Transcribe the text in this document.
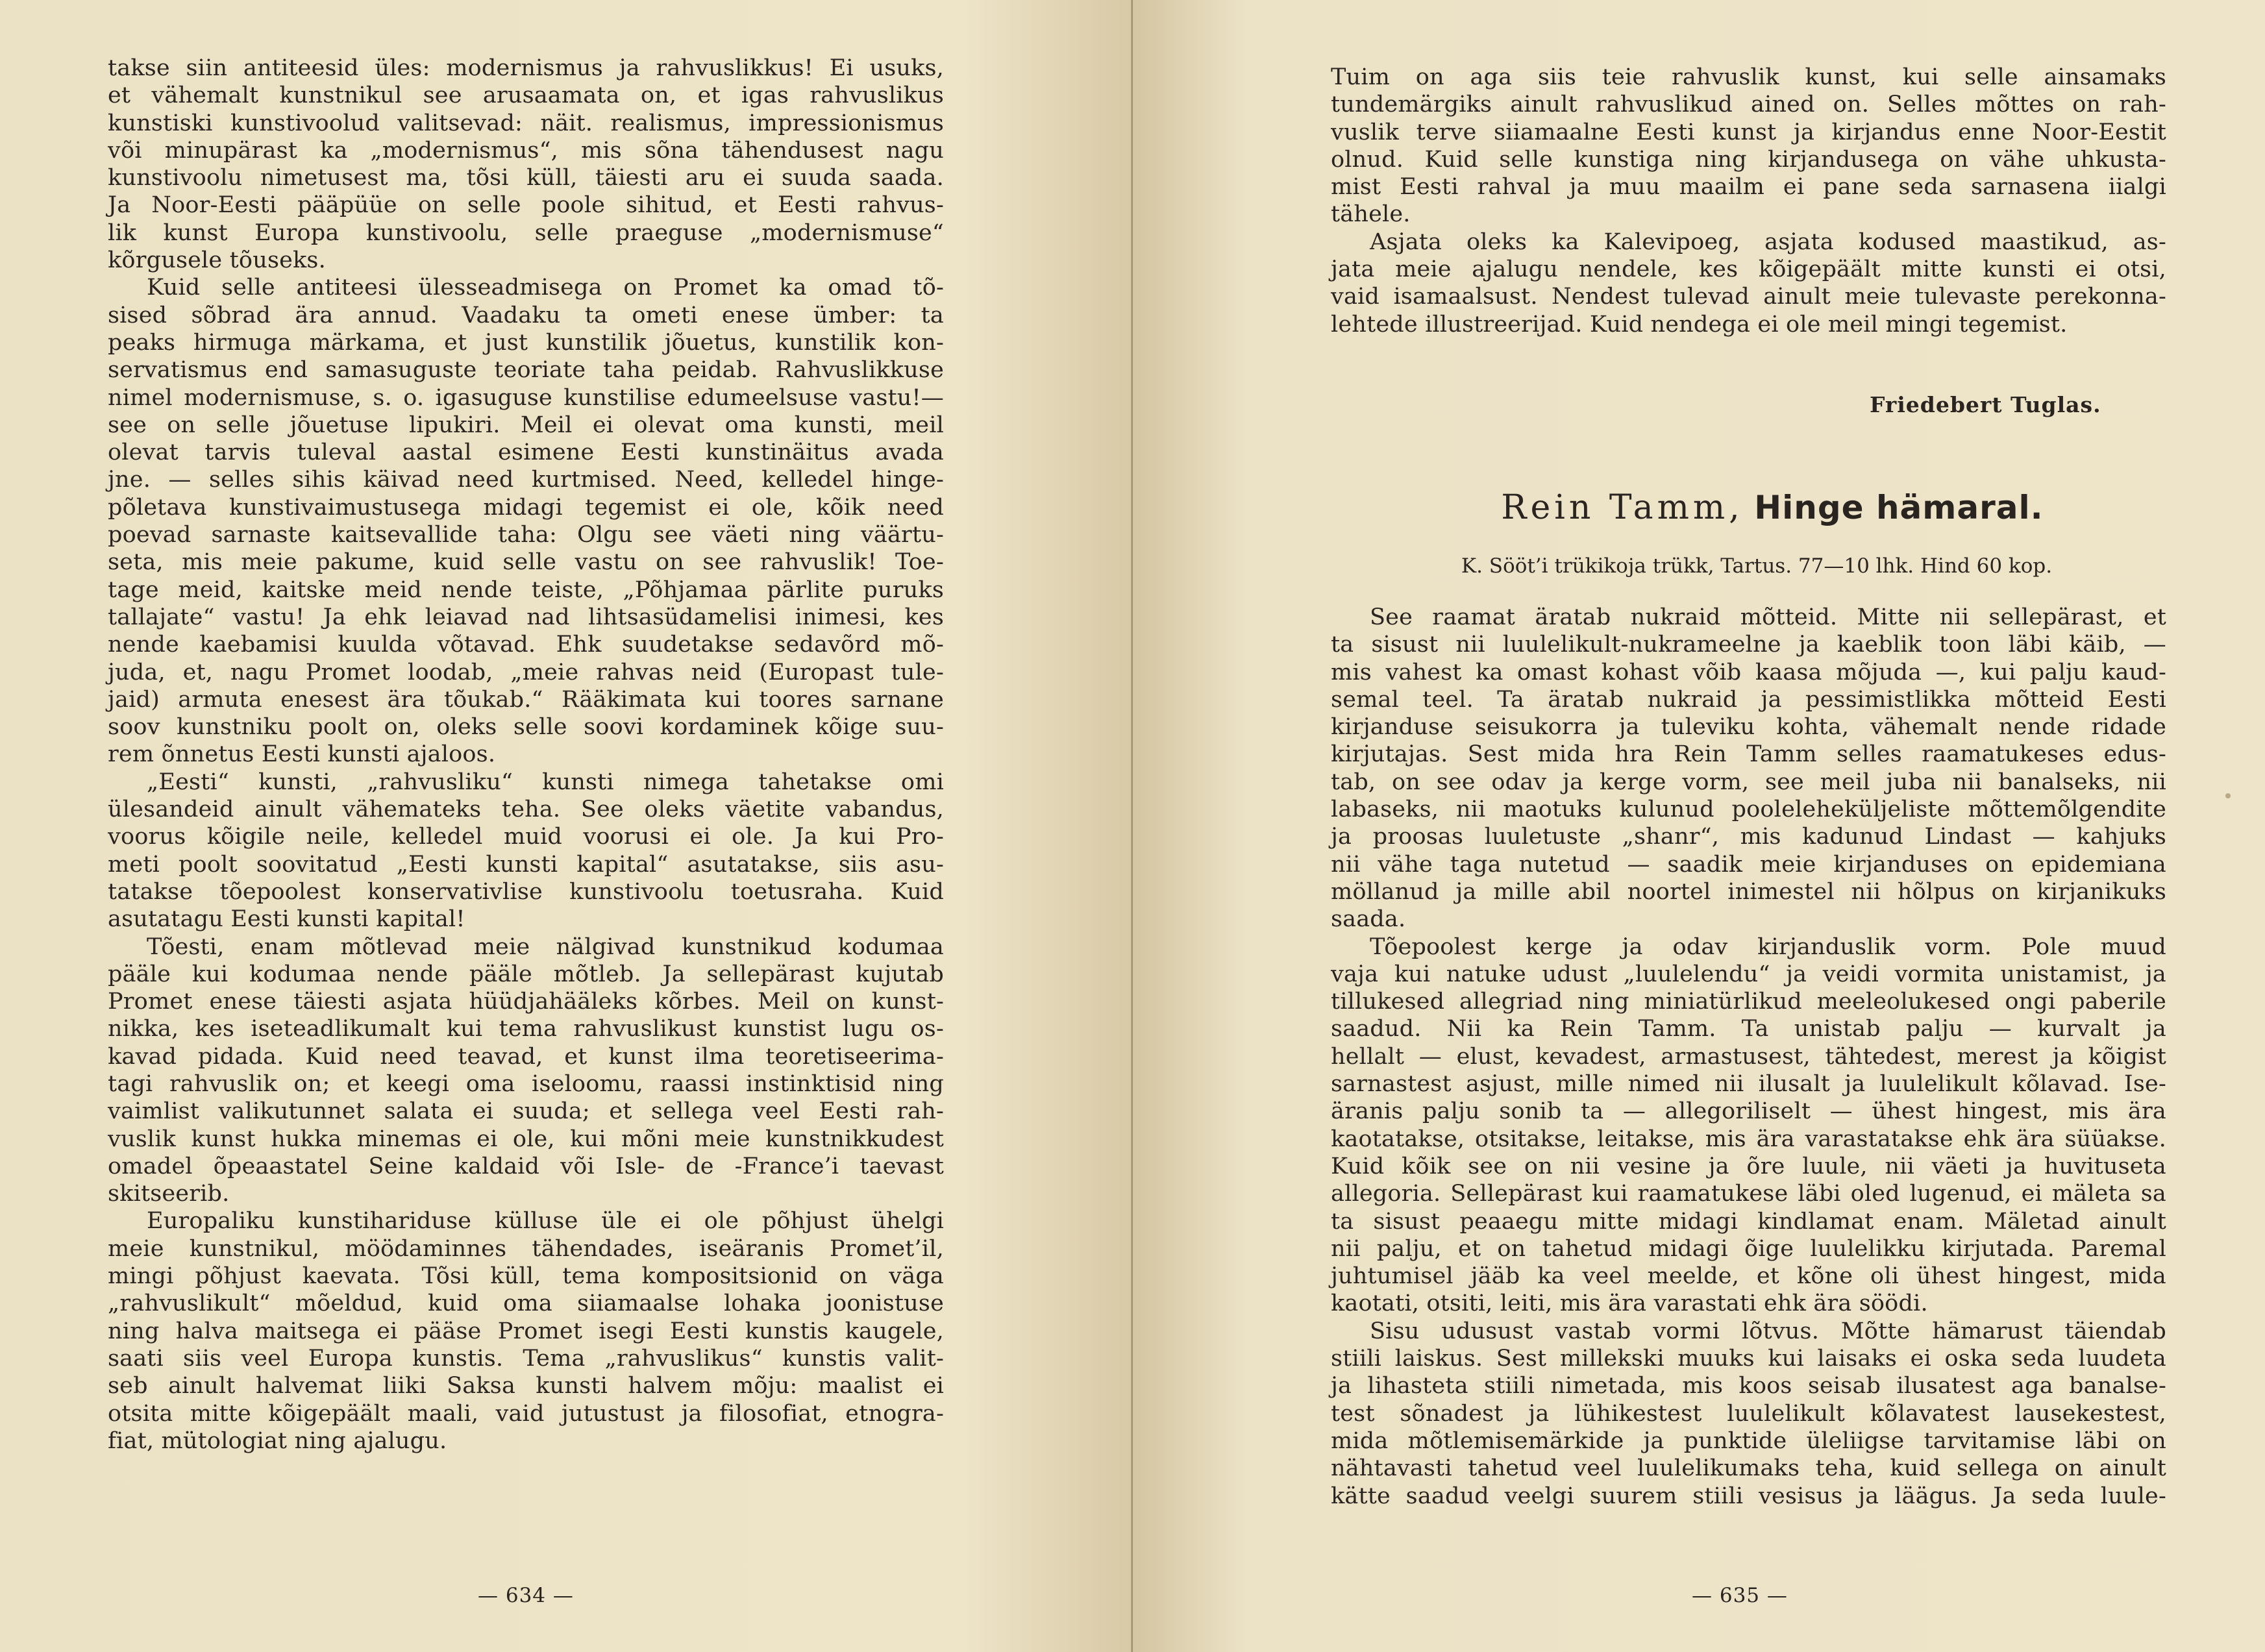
takse siin antiteesid üles: modernismus ja rahvuslikkus! Ei usuks,

et vähemalt kunstnikul see arusaamata on, et igas rahvuslikus

kunstiski kunstivoolud valitsevad: näit. realismus, impressionismus

või minupärast ka „modernismus“, mis sõna tähendusest nagu

kunstivoolu nimetusest ma, tõsi küll, täiesti aru ei suuda saada.

Ja Noor-Eesti pääpüüe on selle poole sihitud, et Eesti rahvus-

lik kunst Europa kunstivoolu, selle praeguse „modernismuse“

kõrgusele tõuseks.

Kuid selle antiteesi ülesseadmisega on Promet ka omad tõ-

sised sõbrad ära annud. Vaadaku ta ometi enese ümber: ta

peaks hirmuga märkama, et just kunstilik jõuetus, kunstilik kon-

servatismus end samasuguste teoriate taha peidab. Rahvuslikkuse

nimel modernismuse, s. o. igasuguse kunstilise edumeelsuse vastu!—

see on selle jõuetuse lipukiri. Meil ei olevat oma kunsti, meil

olevat tarvis tuleval aastal esimene Eesti kunstinäitus avada

jne. — selles sihis käivad need kurtmised. Need, kelledel hinge-

põletava kunstivaimustusega midagi tegemist ei ole, kõik need

poevad sarnaste kaitsevallide taha: Olgu see väeti ning väärtu-

seta, mis meie pakume, kuid selle vastu on see rahvuslik! Toe-

tage meid, kaitske meid nende teiste, „Põhjamaa pärlite puruks

tallajate“ vastu! Ja ehk leiavad nad lihtsasüdamelisi inimesi, kes

nende kaebamisi kuulda võtavad. Ehk suudetakse sedavõrd mõ-

juda, et, nagu Promet loodab, „meie rahvas neid (Europast tule-

jaid) armuta enesest ära tõukab.“ Rääkimata kui toores sarnane

soov kunstniku poolt on, oleks selle soovi kordaminek kõige suu-

rem õnnetus Eesti kunsti ajaloos.

„Eesti“ kunsti, „rahvusliku“ kunsti nimega tahetakse omi

ülesandeid ainult vähemateks teha. See oleks väetite vabandus,

voorus kõigile neile, kelledel muid voorusi ei ole. Ja kui Pro-

meti poolt soovitatud „Eesti kunsti kapital“ asutatakse, siis asu-

tatakse tõepoolest konservativlise kunstivoolu toetusraha. Kuid

asutatagu Eesti kunsti kapital!

Tõesti, enam mõtlevad meie nälgivad kunstnikud kodumaa

pääle kui kodumaa nende pääle mõtleb. Ja sellepärast kujutab

Promet enese täiesti asjata hüüdjahääleks kõrbes. Meil on kunst-

nikka, kes iseteadlikumalt kui tema rahvuslikust kunstist lugu os-

kavad pidada. Kuid need teavad, et kunst ilma teoretiseerima-

tagi rahvuslik on; et keegi oma iseloomu, raassi instinktisid ning

vaimlist valikutunnet salata ei suuda; et sellega veel Eesti rah-

vuslik kunst hukka minemas ei ole, kui mõni meie kunstnikkudest

omadel õpeaastatel Seine kaldaid või Isle- de -France’i taevast

skitseerib.

Europaliku kunstihariduse külluse üle ei ole põhjust ühelgi

meie kunstnikul, möödaminnes tähendades, iseäranis Promet’il,

mingi põhjust kaevata. Tõsi küll, tema kompositsionid on väga

„rahvuslikult“ mõeldud, kuid oma siiamaalse lohaka joonistuse

ning halva maitsega ei pääse Promet isegi Eesti kunstis kaugele,

saati siis veel Europa kunstis. Tema „rahvuslikus“ kunstis valit-

seb ainult halvemat liiki Saksa kunsti halvem mõju: maalist ei

otsita mitte kõigepäält maali, vaid jutustust ja filosofiat, etnogra-

fiat, mütologiat ning ajalugu.

— 634 —

Tuim on aga siis teie rahvuslik kunst, kui selle ainsamaks

tundemärgiks ainult rahvuslikud ained on. Selles mõttes on rah-

vuslik terve siiamaalne Eesti kunst ja kirjandus enne Noor-Eestit

olnud. Kuid selle kunstiga ning kirjandusega on vähe uhkusta-

mist Eesti rahval ja muu maailm ei pane seda sarnasena iialgi

tähele.

Asjata oleks ka Kalevipoeg, asjata kodused maastikud, as-

jata meie ajalugu nendele, kes kõigepäält mitte kunsti ei otsi,

vaid isamaalsust. Nendest tulevad ainult meie tulevaste perekonna-

lehtede illustreerijad. Kuid nendega ei ole meil mingi tegemist.

Friedebert Tuglas.
Rein Tamm, Hinge hämaral.
K. Sööt’i trükikoja trükk, Tartus. 77—10 lhk. Hind 60 kop.

See raamat äratab nukraid mõtteid. Mitte nii sellepärast, et

ta sisust nii luulelikult-nukrameelne ja kaeblik toon läbi käib, —

mis vahest ka omast kohast võib kaasa mõjuda —, kui palju kaud-

semal teel. Ta äratab nukraid ja pessimistlikka mõtteid Eesti

kirjanduse seisukorra ja tuleviku kohta, vähemalt nende ridade

kirjutajas. Sest mida hra Rein Tamm selles raamatukeses edus-

tab, on see odav ja kerge vorm, see meil juba nii banalseks, nii

labaseks, nii maotuks kulunud pooleleheküljeliste mõttemõlgendite

ja proosas luuletuste „shanr“, mis kadunud Lindast — kahjuks

nii vähe taga nutetud — saadik meie kirjanduses on epidemiana

möllanud ja mille abil noortel inimestel nii hõlpus on kirjanikuks

saada.

Tõepoolest kerge ja odav kirjanduslik vorm. Pole muud

vaja kui natuke udust „luulelendu“ ja veidi vormita unistamist, ja

tillukesed allegriad ning miniatürlikud meeleolukesed ongi paberile

saadud. Nii ka Rein Tamm. Ta unistab palju — kurvalt ja

hellalt — elust, kevadest, armastusest, tähtedest, merest ja kõigist

sarnastest asjust, mille nimed nii ilusalt ja luulelikult kõlavad. Ise-

äranis palju sonib ta — allegoriliselt — ühest hingest, mis ära

kaotatakse, otsitakse, leitakse, mis ära varastatakse ehk ära süüakse.

Kuid kõik see on nii vesine ja õre luule, nii väeti ja huvituseta

allegoria. Sellepärast kui raamatukese läbi oled lugenud, ei mäleta sa

ta sisust peaaegu mitte midagi kindlamat enam. Mäletad ainult

nii palju, et on tahetud midagi õige luulelikku kirjutada. Paremal

juhtumisel jääb ka veel meelde, et kõne oli ühest hingest, mida

kaotati, otsiti, leiti, mis ära varastati ehk ära söödi.

Sisu udusust vastab vormi lõtvus. Mõtte hämarust täiendab

stiili laiskus. Sest millekski muuks kui laisaks ei oska seda luudeta

ja lihasteta stiili nimetada, mis koos seisab ilusatest aga banalse-

test sõnadest ja lühikestest luulelikult kõlavatest lausekestest,

mida mõtlemisemärkide ja punktide üleliigse tarvitamise läbi on

nähtavasti tahetud veel luulelikumaks teha, kuid sellega on ainult

kätte saadud veelgi suurem stiili vesisus ja läägus. Ja seda luule-

— 635 —
